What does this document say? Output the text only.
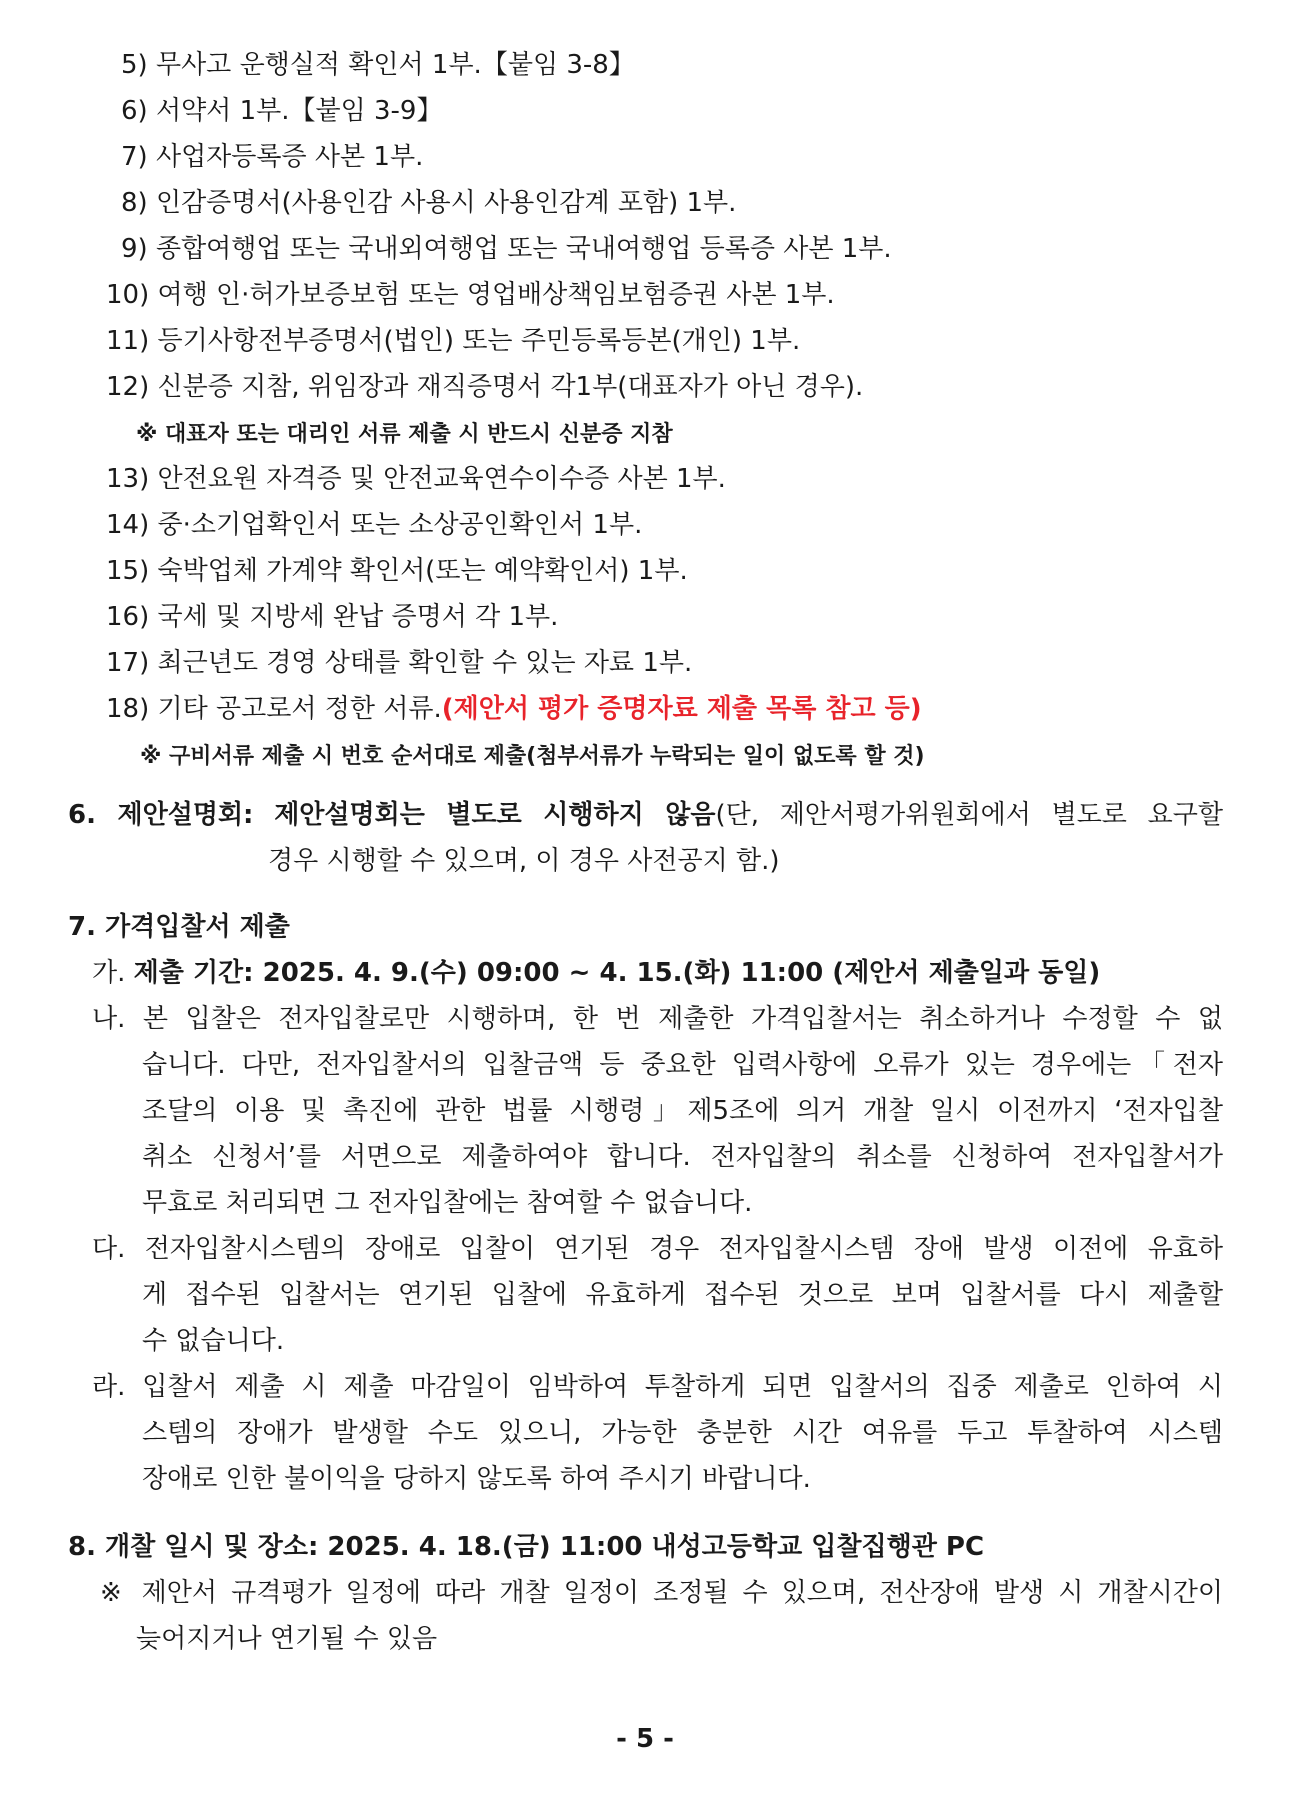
5) 무사고 운행실적 확인서 1부.【붙임 3-8】
6) 서약서 1부.【붙임 3-9】
7) 사업자등록증 사본 1부.
8) 인감증명서(사용인감 사용시 사용인감계 포함) 1부.
9) 종합여행업 또는 국내외여행업 또는 국내여행업 등록증 사본 1부.
10) 여행 인·허가보증보험 또는 영업배상책임보험증권 사본 1부.
11) 등기사항전부증명서(법인) 또는 주민등록등본(개인) 1부.
12) 신분증 지참, 위임장과 재직증명서 각1부(대표자가 아닌 경우).
※ 대표자 또는 대리인 서류 제출 시 반드시 신분증 지참
13) 안전요원 자격증 및 안전교육연수이수증 사본 1부.
14) 중·소기업확인서 또는 소상공인확인서 1부.
15) 숙박업체 가계약 확인서(또는 예약확인서) 1부.
16) 국세 및 지방세 완납 증명서 각 1부.
17) 최근년도 경영 상태를 확인할 수 있는 자료 1부.
18) 기타 공고로서 정한 서류.(제안서 평가 증명자료 제출 목록 참고 등)
※ 구비서류 제출 시 번호 순서대로 제출(첨부서류가 누락되는 일이 없도록 할 것)
6. 제안설명회: 제안설명회는 별도로 시행하지 않음(단, 제안서평가위원회에서 별도로 요구할
경우 시행할 수 있으며, 이 경우 사전공지 함.)
7. 가격입찰서 제출
가. 제출 기간: 2025. 4. 9.(수) 09:00 ~ 4. 15.(화) 11:00 (제안서 제출일과 동일)
나. 본 입찰은 전자입찰로만 시행하며, 한 번 제출한 가격입찰서는 취소하거나 수정할 수 없
습니다. 다만, 전자입찰서의 입찰금액 등 중요한 입력사항에 오류가 있는 경우에는「전자
조달의 이용 및 촉진에 관한 법률 시행령」제5조에 의거 개찰 일시 이전까지 ‘전자입찰
취소 신청서’를 서면으로 제출하여야 합니다. 전자입찰의 취소를 신청하여 전자입찰서가
무효로 처리되면 그 전자입찰에는 참여할 수 없습니다.
다. 전자입찰시스템의 장애로 입찰이 연기된 경우 전자입찰시스템 장애 발생 이전에 유효하
게 접수된 입찰서는 연기된 입찰에 유효하게 접수된 것으로 보며 입찰서를 다시 제출할
수 없습니다.
라. 입찰서 제출 시 제출 마감일이 임박하여 투찰하게 되면 입찰서의 집중 제출로 인하여 시
스템의 장애가 발생할 수도 있으니, 가능한 충분한 시간 여유를 두고 투찰하여 시스템
장애로 인한 불이익을 당하지 않도록 하여 주시기 바랍니다.
8. 개찰 일시 및 장소: 2025. 4. 18.(금) 11:00 내성고등학교 입찰집행관 PC
※ 제안서 규격평가 일정에 따라 개찰 일정이 조정될 수 있으며, 전산장애 발생 시 개찰시간이
늦어지거나 연기될 수 있음
- 5 -
